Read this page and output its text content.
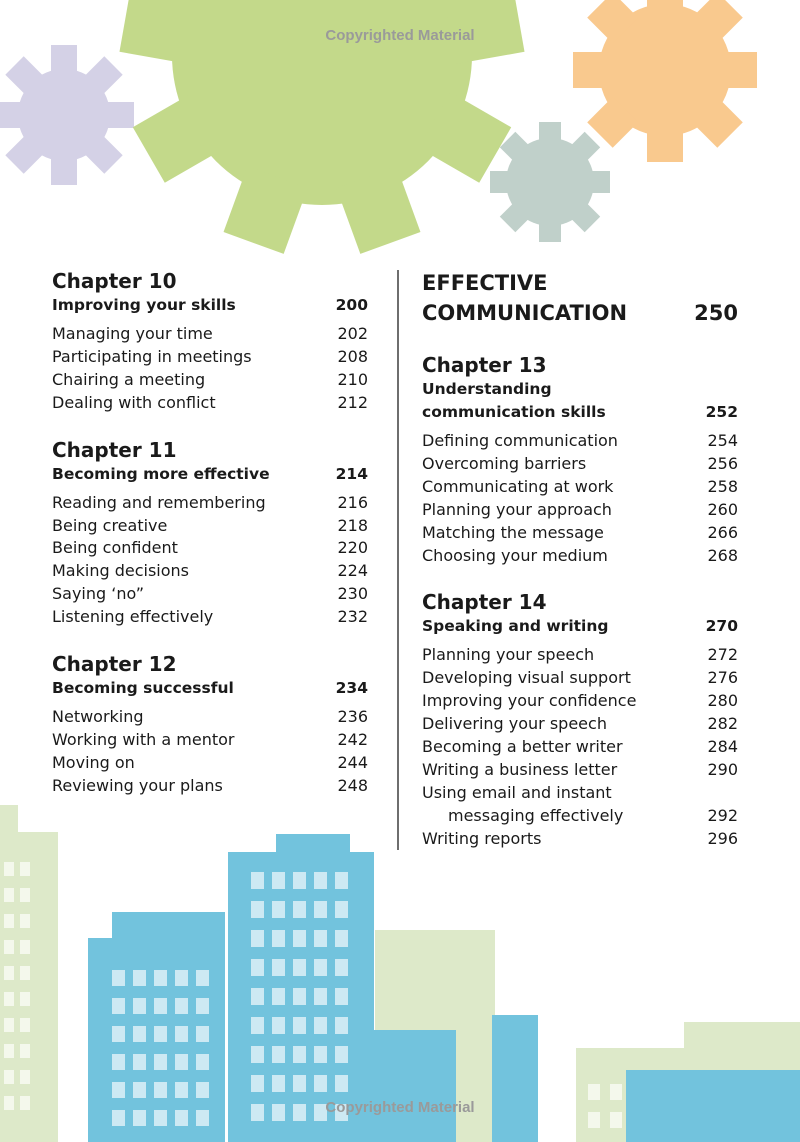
Copyrighted Material
Copyrighted Material
Chapter 10
Improving your skills	200
Managing your time	202
Participating in meetings	208
Chairing a meeting	210
Dealing with conflict	212
Chapter 11
Becoming more effective	214
Reading and remembering	216
Being creative	218
Being confident	220
Making decisions	224
Saying ‘no”	230
Listening effectively	232
Chapter 12
Becoming successful	234
Networking	236
Working with a mentor	242
Moving on	244
Reviewing your plans	248
EFFECTIVE
COMMUNICATION	250
Chapter 13
Understanding
communication skills	252
Defining communication	254
Overcoming barriers	256
Communicating at work	258
Planning your approach	260
Matching the message	266
Choosing your medium	268
Chapter 14
Speaking and writing	270
Planning your speech	272
Developing visual support	276
Improving your confidence	280
Delivering your speech	282
Becoming a better writer	284
Writing a business letter	290
Using email and instant
messaging effectively	292
Writing reports	296
